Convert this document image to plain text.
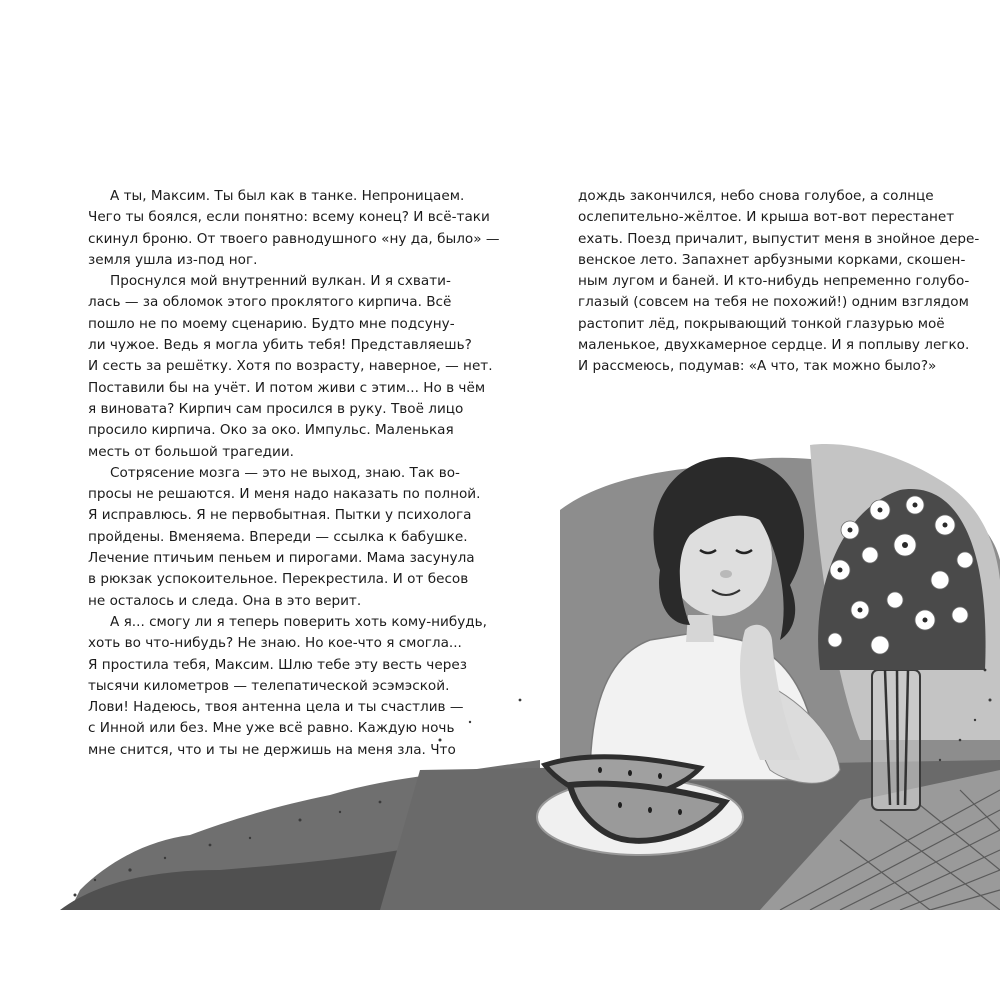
А ты, Максим. Ты был как в танке. Непроницаем.
Чего ты боялся, если понятно: всему конец? И всё-таки
скинул броню. От твоего равнодушного «ну да, было» —
земля ушла из-под ног.

Проснулся мой внутренний вулкан. И я схвати-
лась — за обломок этого проклятого кирпича. Всё
пошло не по моему сценарию. Будто мне подсуну-
ли чужое. Ведь я могла убить тебя! Представляешь?
И сесть за решётку. Хотя по возрасту, наверное, — нет.
Поставили бы на учёт. И потом живи с этим... Но в чём
я виновата? Кирпич сам просился в руку. Твоё лицо
просило кирпича. Око за око. Импульс. Маленькая
месть от большой трагедии.

Сотрясение мозга — это не выход, знаю. Так во-
просы не решаются. И меня надо наказать по полной.
Я исправлюсь. Я не первобытная. Пытки у психолога
пройдены. Вменяема. Впереди — ссылка к бабушке.
Лечение птичьим пеньем и пирогами. Мама засунула
в рюкзак успокоительное. Перекрестила. И от бесов
не осталось и следа. Она в это верит.

А я... смогу ли я теперь поверить хоть кому-нибудь,
хоть во что-нибудь? Не знаю. Но кое-что я смогла...
Я простила тебя, Максим. Шлю тебе эту весть через
тысячи километров — телепатической эсэмэской.
Лови! Надеюсь, твоя антенна цела и ты счастлив —
с Инной или без. Мне уже всё равно. Каждую ночь
мне снится, что и ты не держишь на меня зла. Что

дождь закончился, небо снова голубое, а солнце
ослепительно-жёлтое. И крыша вот-вот перестанет
ехать. Поезд причалит, выпустит меня в знойное дере-
венское лето. Запахнет арбузными корками, скошен-
ным лугом и баней. И кто-нибудь непременно голубо-
глазый (совсем на тебя не похожий!) одним взглядом
растопит лёд, покрывающий тонкой глазурью моё
маленькое, двухкамерное сердце. И я поплыву легко.
И рассмеюсь, подумав: «А что, так можно было?»
